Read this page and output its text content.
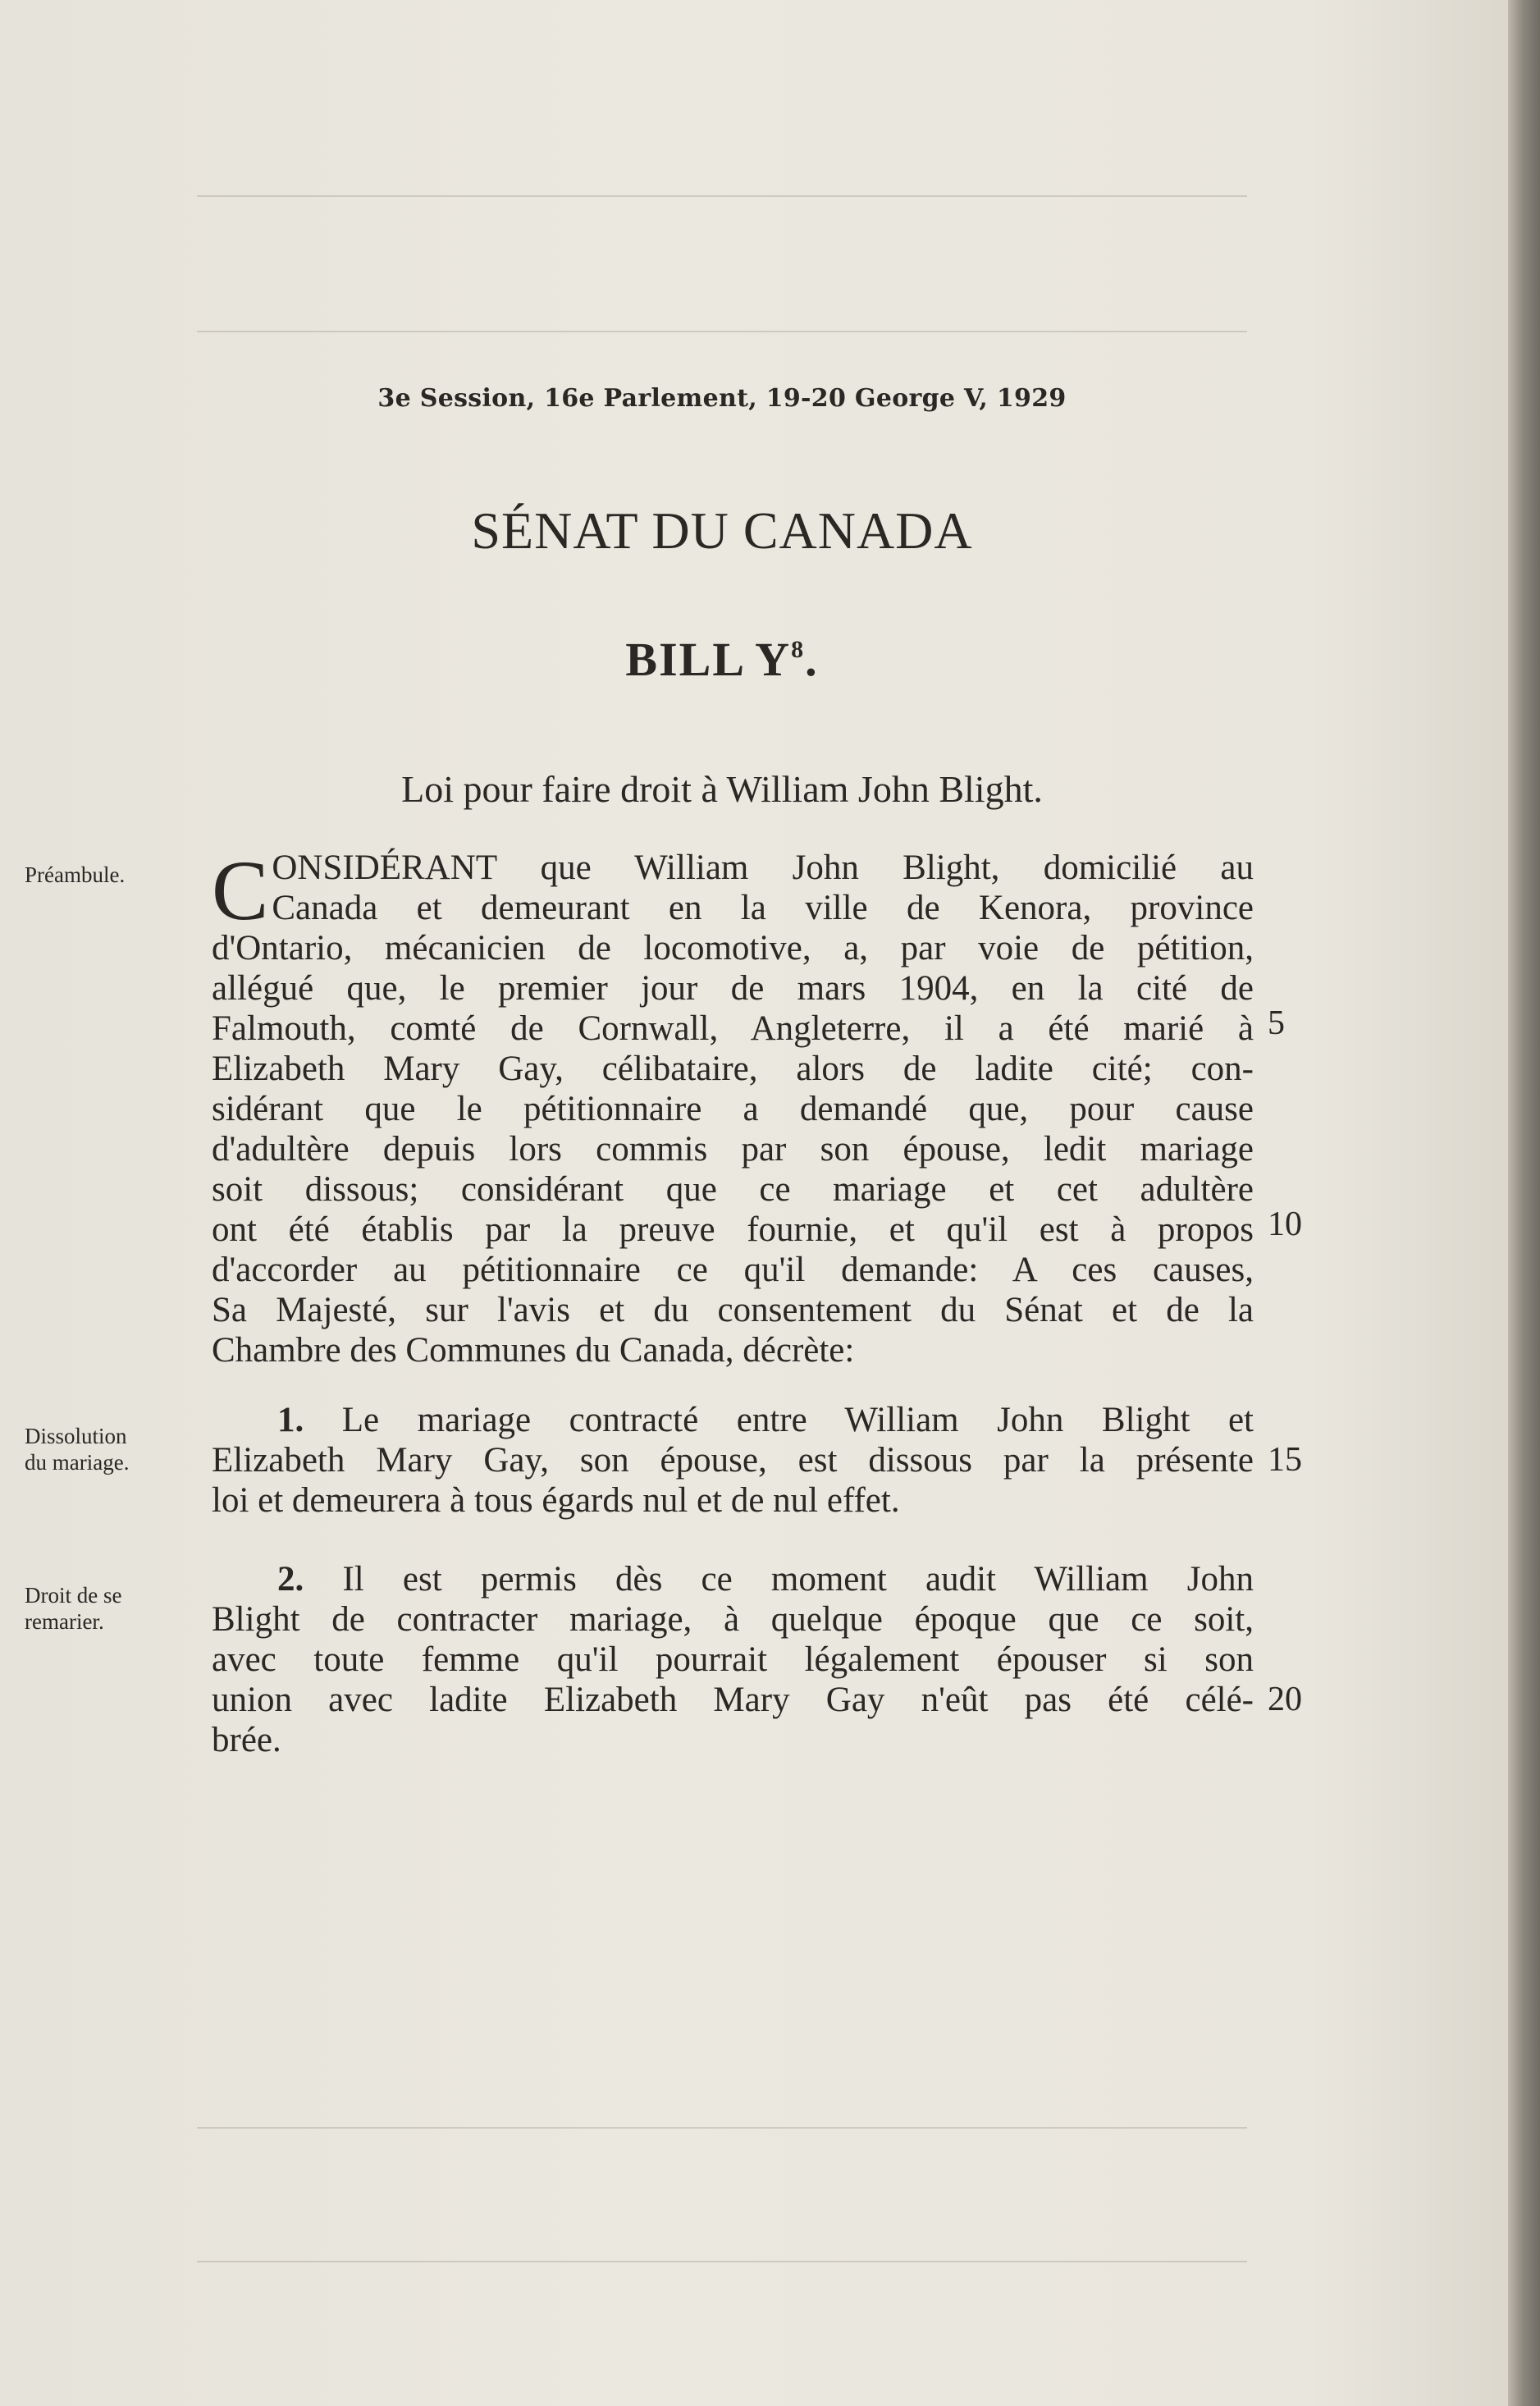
3e Session, 16e Parlement, 19-20 George V, 1929
SÉNAT DU CANADA
BILL $Y^8$.
Loi pour faire droit à William John Blight.
Préambule.
Dissolution
du mariage.
Droit de se
remarier.
C ONSIDÉRANT que William John Blight, domicilié au
Canada et demeurant en la ville de Kenora, province
d'Ontario, mécanicien de locomotive, a, par voie de pétition,
allégué que, le premier jour de mars 1904, en la cité de
Falmouth, comté de Cornwall, Angleterre, il a été marié à
Elizabeth Mary Gay, célibataire, alors de ladite cité; con-
sidérant que le pétitionnaire a demandé que, pour cause
d'adultère depuis lors commis par son épouse, ledit mariage
soit dissous; considérant que ce mariage et cet adultère
ont été établis par la preuve fournie, et qu'il est à propos
d'accorder au pétitionnaire ce qu'il demande: A ces causes,
Sa Majesté, sur l'avis et du consentement du Sénat et de la
Chambre des Communes du Canada, décrète:
1. Le mariage contracté entre William John Blight et
Elizabeth Mary Gay, son épouse, est dissous par la présente
loi et demeurera à tous égards nul et de nul effet.
2. Il est permis dès ce moment audit William John
Blight de contracter mariage, à quelque époque que ce soit,
avec toute femme qu'il pourrait légalement épouser si son
union avec ladite Elizabeth Mary Gay n'eût pas été célé-
brée.
5
10
15
20
